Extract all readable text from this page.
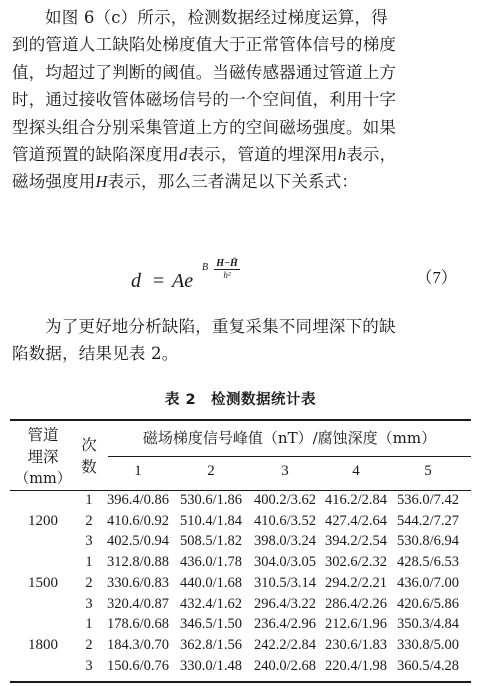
如图 6（c）所示，检测数据经过梯度运算，得

到的管道人工缺陷处梯度值大于正常管体信号的梯度

值，均超过了判断的阈值。当磁传感器通过管道上方

时，通过接收管体磁场信号的一个空间值，利用十字

型探头组合分别采集管道上方的空间磁场强度。如果

管道预置的缺陷深度用d表示，管道的埋深用h表示，

磁场强度用H表示，那么三者满足以下关系式：

d = Ae
B H−H̄
h²	（7）

为了更好地分析缺陷，重复采集不同埋深下的缺

陷数据，结果见表 2。

表 2　检测数据统计表
管道
埋深
（mm）
次
数
磁场梯度信号峰值（nT）/腐蚀深度（mm）
1	2	3	4	5
1200
1 396.4/0.86 530.6/1.86 400.2/3.62 416.2/2.84 536.0/7.42
2 410.6/0.92 510.4/1.84 410.6/3.52 427.4/2.64 544.2/7.27
3 402.5/0.94 508.5/1.82 398.0/3.24 394.2/2.54 530.8/6.94
1500
1 312.8/0.88 436.0/1.78 304.0/3.05 302.6/2.32 428.5/6.53
2 330.6/0.83 440.0/1.68 310.5/3.14 294.2/2.21 436.0/7.00
3 320.4/0.87 432.4/1.62 296.4/3.22 286.4/2.26 420.6/5.86
1800
1 178.6/0.68 346.5/1.50 236.4/2.96 212.6/1.96 350.3/4.84
2 184.3/0.70 362.8/1.56 242.2/2.84 230.6/1.83 330.8/5.00
3 150.6/0.76 330.0/1.48 240.0/2.68 220.4/1.98 360.5/4.28
